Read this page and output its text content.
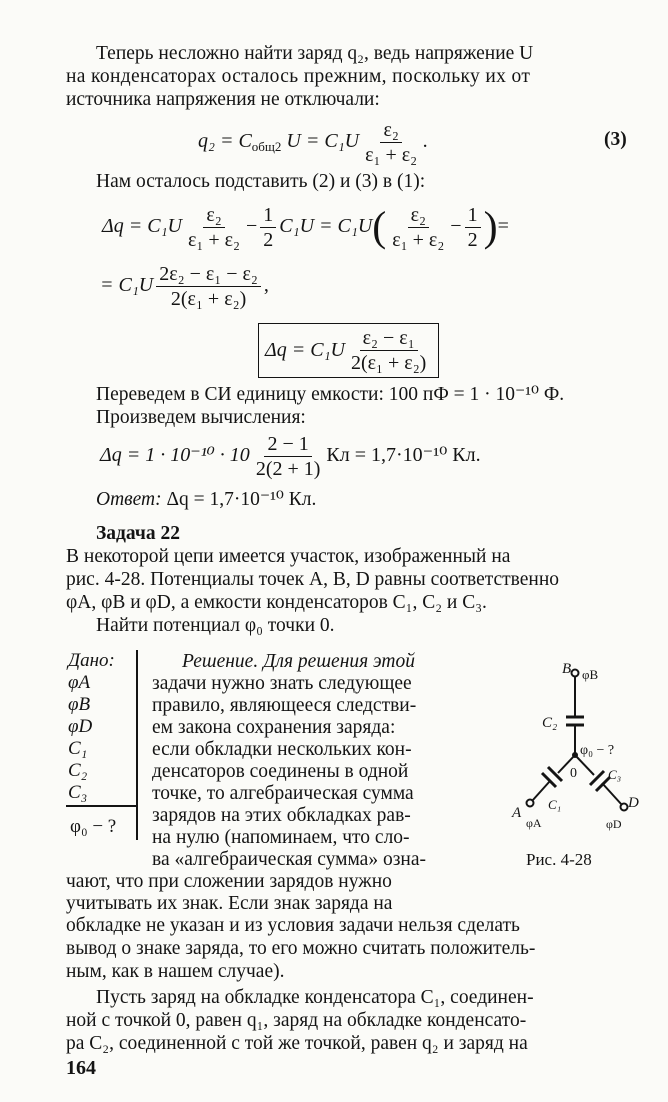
Теперь несложно найти заряд q₂, ведь напряжение U
на конденсаторах осталось прежним, поскольку их от
источника напряжения не отключали:
$q_2 = C_{общ2}$ $U = C_1U \frac{\text{ε₂}}{\text{ε₁ + ε₂}}$ .	(3)
Нам осталось подставить (2) и (3) в (1):
$\Delta q = C_1U \frac{\text{ε₂}}{\text{ε₁ + ε₂}} - \frac{1}{2} C_1U = C_1U( \frac{\text{ε₂}}{\text{ε₁ + ε₂}} - \frac{1}{2}$ )=
= $C_1U \frac{\text{2ε₂ − ε₁ − ε₂}}{\text{2(ε₁ + ε₂)}}$ ,
$\Delta q = C_1U \frac{\text{ε₂ − ε₁}}{\text{2(ε₁ + ε₂)}}$
Переведем в СИ единицу емкости: 100 пФ = 1 · 10⁻¹⁰ Ф.
Произведем вычисления:
$\Delta q = 1 \cdot 10^{-10} \cdot 10 \frac{2 - 1}{2(2 + 1)}$ Кл = 1,7·10⁻¹⁰ Кл.
Ответ: Δq = 1,7·10⁻¹⁰ Кл.
Задача 22
В некоторой цепи имеется участок, изображенный на
рис. 4-28. Потенциалы точек A, B, D равны соответственно
φA, φB и φD, а емкости конденсаторов C₁, C₂ и C₃.
Найти потенциал φ₀ точки 0.
Дано:
φA
φB
φD
C₁
C₂
C₃
φ₀ − ?
Решение. Для решения этой
задачи нужно знать следующее
правило, являющееся следстви-
ем закона сохранения заряда:
если обкладки нескольких кон-
денсаторов соединены в одной
точке, то алгебраическая сумма
зарядов на этих обкладках рав-
на нулю (напоминаем, что сло-
ва «алгебраическая сумма» озна-
чают, что при сложении зарядов нужно
учитывать их знак. Если знак заряда на
обкладке не указан и из условия задачи нельзя сделать
вывод о знаке заряда, то его можно считать положитель-
ным, как в нашем случае).
Пусть заряд на обкладке конденсатора C₁, соединен-
ной с точкой 0, равен q₁, заряд на обкладке конденсато-
ра C₂, соединенной с той же точкой, равен q₂ и заряд на
B φB
C₂
φ₀ − ?
0 C₃
C₁
A
φA
D
φD
Рис. 4-28
164
